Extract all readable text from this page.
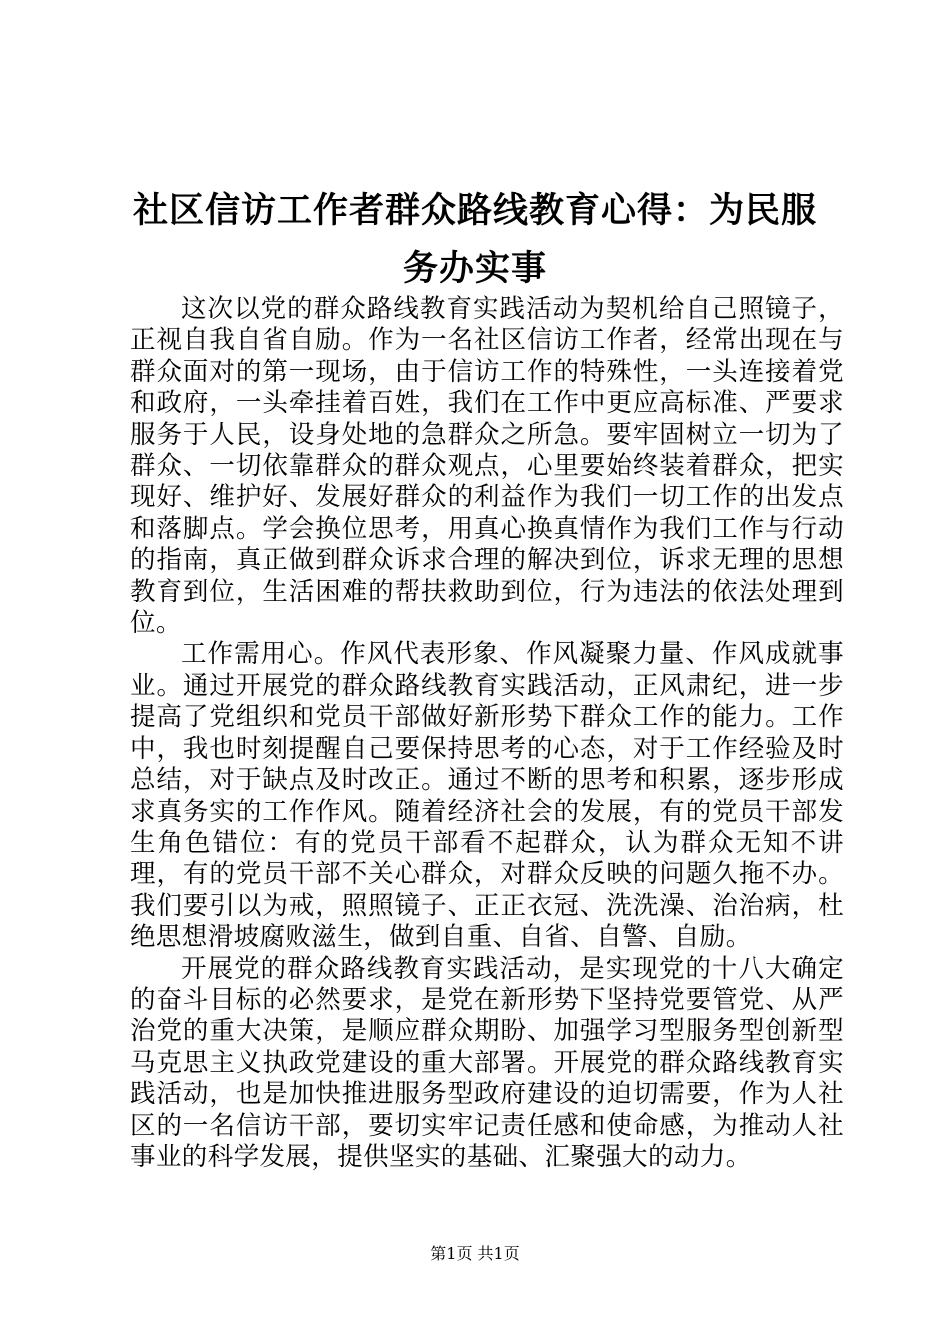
社区信访工作者群众路线教育心得：为民服务办实事

这次以党的群众路线教育实践活动为契机给自己照镜子，正视自我自省自励。作为一名社区信访工作者，经常出现在与群众面对的第一现场，由于信访工作的特殊性，一头连接着党和政府，一头牵挂着百姓，我们在工作中更应高标准、严要求服务于人民，设身处地的急群众之所急。要牢固树立一切为了群众、一切依靠群众的群众观点，心里要始终装着群众，把实现好、维护好、发展好群众的利益作为我们一切工作的出发点和落脚点。学会换位思考，用真心换真情作为我们工作与行动的指南，真正做到群众诉求合理的解决到位，诉求无理的思想教育到位，生活困难的帮扶救助到位，行为违法的依法处理到位。

工作需用心。作风代表形象、作风凝聚力量、作风成就事业。通过开展党的群众路线教育实践活动，正风肃纪，进一步提高了党组织和党员干部做好新形势下群众工作的能力。工作中，我也时刻提醒自己要保持思考的心态，对于工作经验及时总结，对于缺点及时改正。通过不断的思考和积累，逐步形成求真务实的工作作风。随着经济社会的发展，有的党员干部发生角色错位：有的党员干部看不起群众，认为群众无知不讲理，有的党员干部不关心群众，对群众反映的问题久拖不办。我们要引以为戒，照照镜子、正正衣冠、洗洗澡、治治病，杜绝思想滑坡腐败滋生，做到自重、自省、自警、自励。

开展党的群众路线教育实践活动，是实现党的十八大确定的奋斗目标的必然要求，是党在新形势下坚持党要管党、从严治党的重大决策，是顺应群众期盼、加强学习型服务型创新型马克思主义执政党建设的重大部署。开展党的群众路线教育实践活动，也是加快推进服务型政府建设的迫切需要，作为人社区的一名信访干部，要切实牢记责任感和使命感，为推动人社事业的科学发展，提供坚实的基础、汇聚强大的动力。

第1页 共1页
